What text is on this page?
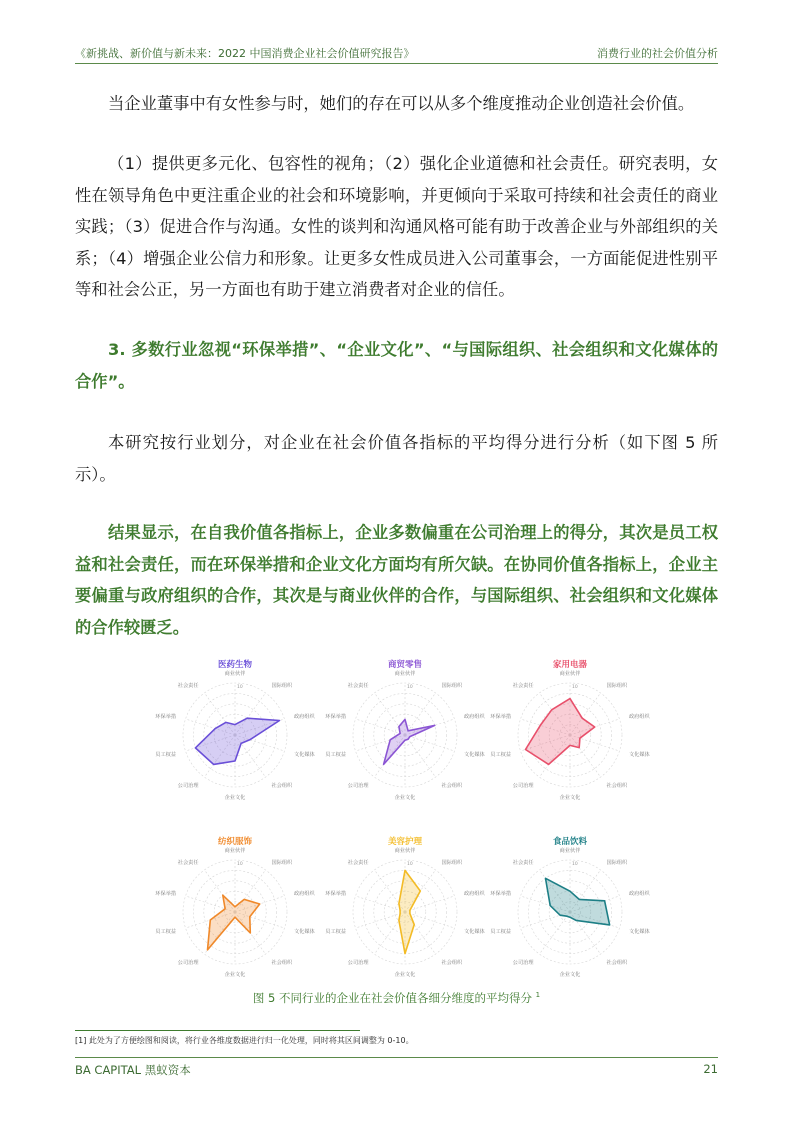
《新挑战、新价值与新未来：2022 中国消费企业社会价值研究报告》	消费行业的社会价值分析

当企业董事中有女性参与时，她们的存在可以从多个维度推动企业创造社会价值。

（1）提供更多元化、包容性的视角；（2）强化企业道德和社会责任。研究表明，女性在领导角色中更注重企业的社会和环境影响，并更倾向于采取可持续和社会责任的商业实践；（3）促进合作与沟通。女性的谈判和沟通风格可能有助于改善企业与外部组织的关系；（4）增强企业公信力和形象。让更多女性成员进入公司董事会，一方面能促进性别平等和社会公正，另一方面也有助于建立消费者对企业的信任。

3. 多数行业忽视“环保举措”、“企业文化”、“与国际组织、社会组织和文化媒体的合作”。

本研究按行业划分，对企业在社会价值各指标的平均得分进行分析（如下图 5 所示）。

结果显示，在自我价值各指标上，企业多数偏重在公司治理上的得分，其次是员工权益和社会责任，而在环保举措和企业文化方面均有所欠缺。在协同价值各指标上，企业主要偏重与政府组织的合作，其次是与商业伙伴的合作，与国际组织、社会组织和文化媒体的合作较匮乏。

商业伙伴
国际组织
政府组织
文化媒体
社会组织
企业文化
公司治理
员工权益
环保举措
社会责任	10
医药生物
商业伙伴
国际组织
政府组织
文化媒体
社会组织
企业文化
公司治理
员工权益
环保举措
社会责任	10
商贸零售
商业伙伴
国际组织
政府组织
文化媒体
社会组织
企业文化
公司治理
员工权益
环保举措
社会责任	10
家用电器
商业伙伴
国际组织
政府组织
文化媒体
社会组织
企业文化
公司治理
员工权益
环保举措
社会责任	10
纺织服饰
商业伙伴
国际组织
政府组织
文化媒体
社会组织
企业文化
公司治理
员工权益
环保举措
社会责任	10
美容护理
商业伙伴
国际组织
政府组织
文化媒体
社会组织
企业文化
公司治理
员工权益
环保举措
社会责任	10
食品饮料
图 5 不同行业的企业在社会价值各细分维度的平均得分 $^1$
[1] 此处为了方便绘图和阅读，将行业各维度数据进行归一化处理，同时将其区间调整为 0-10。
BA CAPITAL 黑蚁资本	21
